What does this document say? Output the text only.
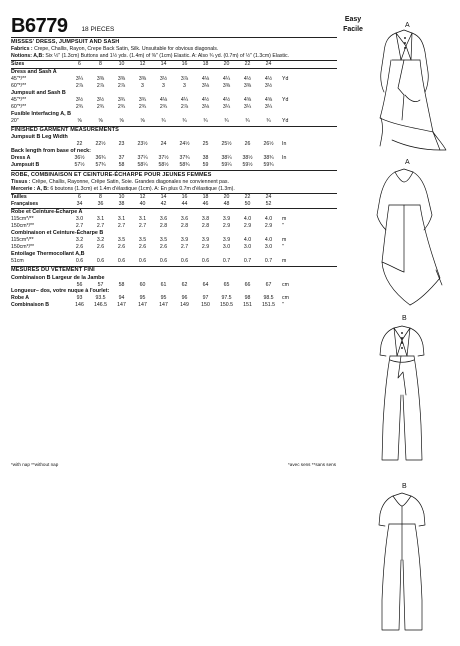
B6779 18 PIECES
MISSES' DRESS, JUMPSUIT AND SASH
Fabrics : Crepe, Challis, Rayon, Crepe Back Satin, Silk. Unsuitable for obvious diagonals.
Notions: A,B: Six ½" (1.3cm) Buttons and 1½ yds. (1.4m) of ⅜" (1cm) Elastic. A: Also ¾ yd. (0.7m) of ½" (1.3cm) Elastic.
Sizes	6	8	10	12	14	16	18	20	22	24
Dress and Sash A
45"*/**	3¼	3⅜	3⅜	3⅜	3½	3⅞	4⅛	4¼	4½	4½	Yd
60"*/**	2⅞	2⅞	2⅞	3	3	3	3⅛	3⅜	3⅜	3½
Jumpsuit and Sash B
45"*/**	3½	3½	3¾	3¾	4⅛	4¼	4½	4½	4⅝	4⅝	Yd
60"*/**	2¾	2¾	2¾	2¾	2¾	2⅞	3⅛	3¼	3¼	3¼
Fusible Interfacing A, B
20"	⅝	⅝	⅝	⅝	¾	¾	¾	¾	¾	¾	Yd
FINISHED GARMENT MEASUREMENTS
Jumpsuit B Leg Width
22	22½	23	23½	24	24½	25	25½	26	26½	In
Back length from base of neck:
Dress A	36½	36¾	37	37¼	37½	37¾	38	38¼	38½	38¾	In
Jumpsuit B	57½	57¾	58	58¼	58½	58¾	59	59¼	59½	59¾
ROBE, COMBINAISON ET CEINTURE-ÉCHARPE POUR JEUNES FEMMES
Tissus : Crêpe, Challis, Rayonne, Crêpe Satin, Soie. Grandes diagonales ne conviennent pas.
Mercerie : A, B: 6 boutons (1.3cm) et 1.4m d'élastique (1cm). A: En plus 0.7m d'élastique (1.3m).
Tailles	6	8	10	12	14	16	18	20	22	24
Françaises	34	36	38	40	42	44	46	48	50	52
Robe et Ceinture-Écharpe A
115cm*/**	3.0	3.1	3.1	3.1	3.6	3.6	3.8	3.9	4.0	4.0	m
150cm*/**	2.7	2.7	2.7	2.7	2.8	2.8	2.8	2.9	2.9	2.9	"
Combinaison et Ceinture-Écharpe B
115cm*/**	3.2	3.2	3.5	3.5	3.5	3.9	3.9	3.9	4.0	4.0	m
150cm*/**	2.6	2.6	2.6	2.6	2.6	2.7	2.9	3.0	3.0	3.0	"
Entoilage Thermocollant A,B
51cm	0.6	0.6	0.6	0.6	0.6	0.6	0.6	0.7	0.7	0.7	m
MESURES DU VÊTEMENT FINI
Combinaison B Largeur de la Jambe
56	57	58	60	61	62	64	65	66	67	cm
Longueur– dos, votre nuque à l'ourlet:
Robe A	93	93.5	94	95	95	96	97	97.5	98	98.5	cm
Combinaison B	146	146.5	147	147	147	149	150	150.5	151	151.5	"
Easy
Facile
*with nap **without nap	*avec sens **sans sens
A
A
B
B
